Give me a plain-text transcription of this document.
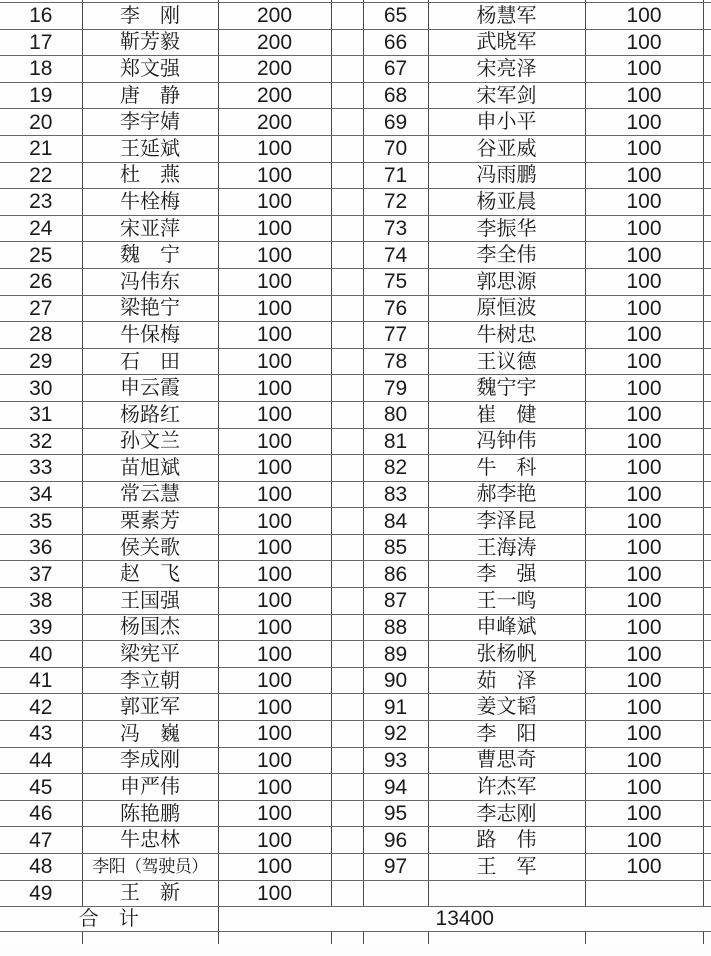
16	李　刚	200		65	杨慧军	100	
17	靳芳毅	200		66	武晓军	100	
18	郑文强	200		67	宋亮泽	100	
19	唐　静	200		68	宋军剑	100	
20	李宇婧	200		69	申小平	100	
21	王延斌	100		70	谷亚威	100	
22	杜　燕	100		71	冯雨鹏	100	
23	牛栓梅	100		72	杨亚晨	100	
24	宋亚萍	100		73	李振华	100	
25	魏　宁	100		74	李全伟	100	
26	冯伟东	100		75	郭思源	100	
27	梁艳宁	100		76	原恒波	100	
28	牛保梅	100		77	牛树忠	100	
29	石　田	100		78	王议德	100	
30	申云霞	100		79	魏宁宇	100	
31	杨路红	100		80	崔　健	100	
32	孙文兰	100		81	冯钟伟	100	
33	苗旭斌	100		82	牛　科	100	
34	常云慧	100		83	郝李艳	100	
35	栗素芳	100		84	李泽昆	100	
36	侯关歌	100		85	王海涛	100	
37	赵　飞	100		86	李　强	100	
38	王国强	100		87	王一鸣	100	
39	杨国杰	100		88	申峰斌	100	
40	梁宪平	100		89	张杨帆	100	
41	李立朝	100		90	茹　泽	100	
42	郭亚军	100		91	姜文韬	100	
43	冯　巍	100		92	李　阳	100	
44	李成刚	100		93	曹思奇	100	
45	申严伟	100		94	许杰军	100	
46	陈艳鹏	100		95	李志刚	100	
47	牛忠林	100		96	路　伟	100	
48	李阳（驾驶员）	100		97	王　军	100	
49	王　新	100					
合　计		13400					
